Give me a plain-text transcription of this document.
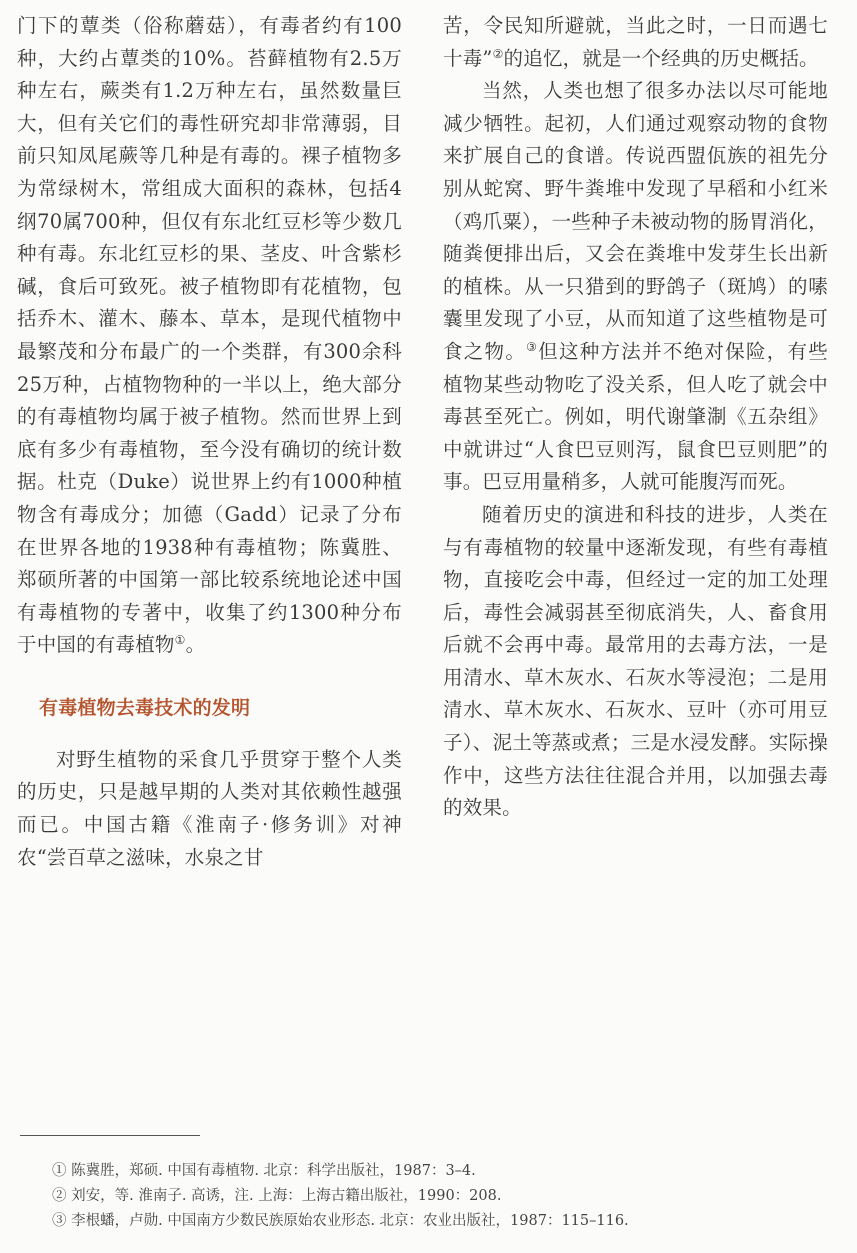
门下的蕈类（俗称蘑菇），有毒者约有100种，大约占蕈类的10%。苔藓植物有2.5万种左右，蕨类有1.2万种左右，虽然数量巨大，但有关它们的毒性研究却非常薄弱，目前只知凤尾蕨等几种是有毒的。裸子植物多为常绿树木，常组成大面积的森林，包括4纲70属700种，但仅有东北红豆杉等少数几种有毒。东北红豆杉的果、茎皮、叶含紫杉碱，食后可致死。被子植物即有花植物，包括乔木、灌木、藤本、草本，是现代植物中最繁茂和分布最广的一个类群，有300余科25万种，占植物物种的一半以上，绝大部分的有毒植物均属于被子植物。然而世界上到底有多少有毒植物，至今没有确切的统计数据。杜克（Duke）说世界上约有1000种植物含有毒成分；加德（Gadd）记录了分布在世界各地的1938种有毒植物；陈冀胜、郑硕所著的中国第一部比较系统地论述中国有毒植物的专著中，收集了约1300种分布于中国的有毒植物①。

有毒植物去毒技术的发明

对野生植物的采食几乎贯穿于整个人类的历史，只是越早期的人类对其依赖性越强而已。中国古籍《淮南子·修务训》对神农“尝百草之滋味，水泉之甘

苦，令民知所避就，当此之时，一日而遇七十毒”②的追忆，就是一个经典的历史概括。

当然，人类也想了很多办法以尽可能地减少牺牲。起初，人们通过观察动物的食物来扩展自己的食谱。传说西盟佤族的祖先分别从蛇窝、野牛粪堆中发现了早稻和小红米（鸡爪粟），一些种子未被动物的肠胃消化，随粪便排出后，又会在粪堆中发芽生长出新的植株。从一只猎到的野鸽子（斑鸠）的嗉囊里发现了小豆，从而知道了这些植物是可食之物。③但这种方法并不绝对保险，有些植物某些动物吃了没关系，但人吃了就会中毒甚至死亡。例如，明代谢肇淛《五杂组》中就讲过“人食巴豆则泻，鼠食巴豆则肥”的事。巴豆用量稍多，人就可能腹泻而死。

随着历史的演进和科技的进步，人类在与有毒植物的较量中逐渐发现，有些有毒植物，直接吃会中毒，但经过一定的加工处理后，毒性会减弱甚至彻底消失，人、畜食用后就不会再中毒。最常用的去毒方法，一是用清水、草木灰水、石灰水等浸泡；二是用清水、草木灰水、石灰水、豆叶（亦可用豆子）、泥土等蒸或煮；三是水浸发酵。实际操作中，这些方法往往混合并用，以加强去毒的效果。

① 陈冀胜，郑硕. 中国有毒植物. 北京：科学出版社，1987：3–4.
② 刘安，等. 淮南子. 高诱，注. 上海：上海古籍出版社，1990：208.
③ 李根蟠，卢勋. 中国南方少数民族原始农业形态. 北京：农业出版社，1987：115–116.
